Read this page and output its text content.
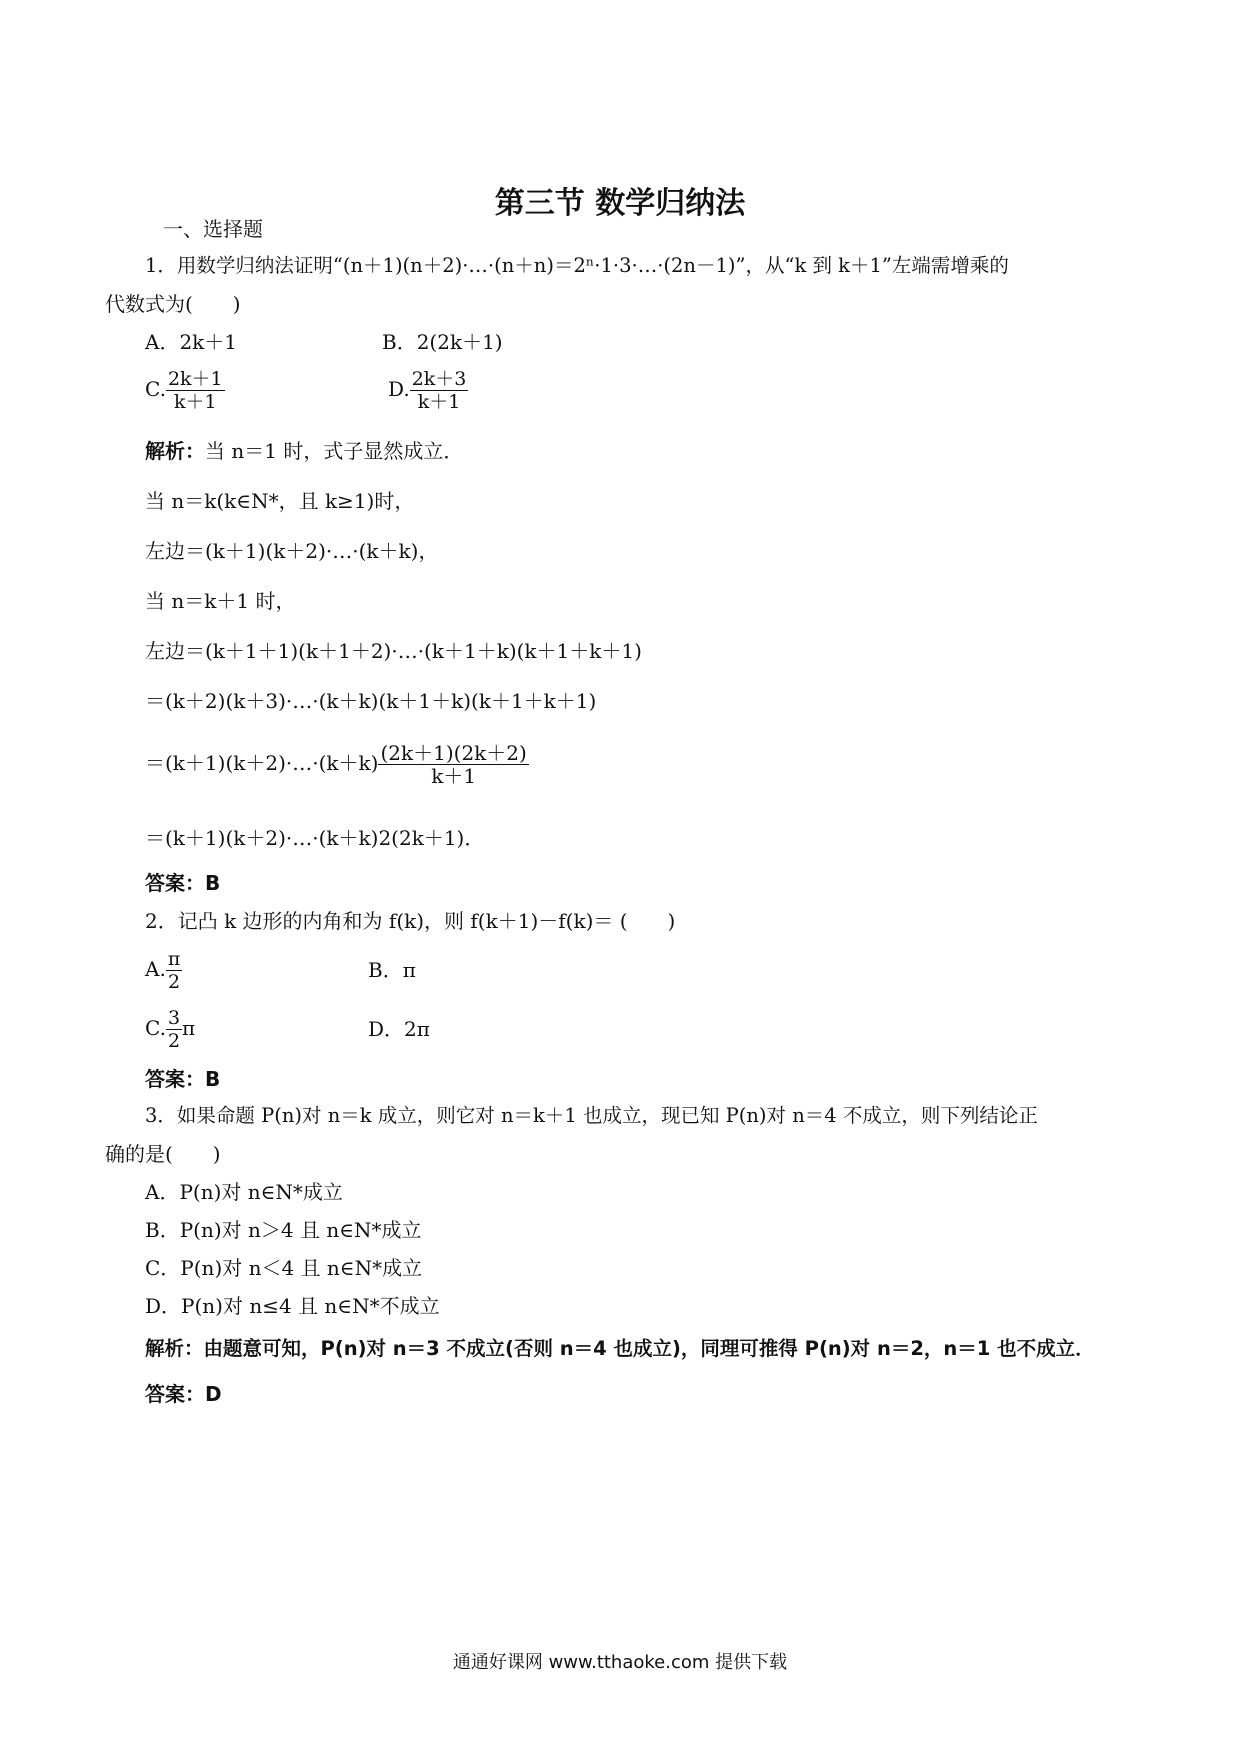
第三节 数学归纳法
一、选择题
1．用数学归纳法证明“(n＋1)(n＋2)·…·(n＋n)＝2ⁿ·1·3·…·(2n－1)”，从“k 到 k＋1”左端需增乘的
代数式为(　　)
A．2k＋1	B．2(2k＋1)
C. $\frac{2k+1}{k+1}$	D. $\frac{2k+3}{k+1}$
解析：当 n＝1 时，式子显然成立．
当 n＝k(k∈N*，且 k≥1)时，
左边＝(k＋1)(k＋2)·…·(k＋k)，
当 n＝k＋1 时，
左边＝(k＋1＋1)(k＋1＋2)·…·(k＋1＋k)(k＋1＋k＋1)
＝(k＋2)(k＋3)·…·(k＋k)(k＋1＋k)(k＋1＋k＋1)
＝(k＋1)(k＋2)·…·(k＋k) $\frac{(2k+1)(2k+2)}{k+1}$
＝(k＋1)(k＋2)·…·(k＋k)2(2k＋1)．
答案：B
2．记凸 k 边形的内角和为 f(k)，则 f(k＋1)－f(k)＝ (　　)
A. $\frac{\pi}{2}$	B．π
C. $\frac{3}{2}$ π	D．2π
答案：B
3．如果命题 P(n)对 n＝k 成立，则它对 n＝k＋1 也成立，现已知 P(n)对 n＝4 不成立，则下列结论正
确的是(　　)
A．P(n)对 n∈N*成立
B．P(n)对 n＞4 且 n∈N*成立
C．P(n)对 n＜4 且 n∈N*成立
D．P(n)对 n≤4 且 n∈N*不成立
解析：由题意可知，P(n)对 n＝3 不成立(否则 n＝4 也成立)，同理可推得 P(n)对 n＝2，n＝1 也不成立．
答案：D
通通好课网 www.tthaoke.com 提供下载
